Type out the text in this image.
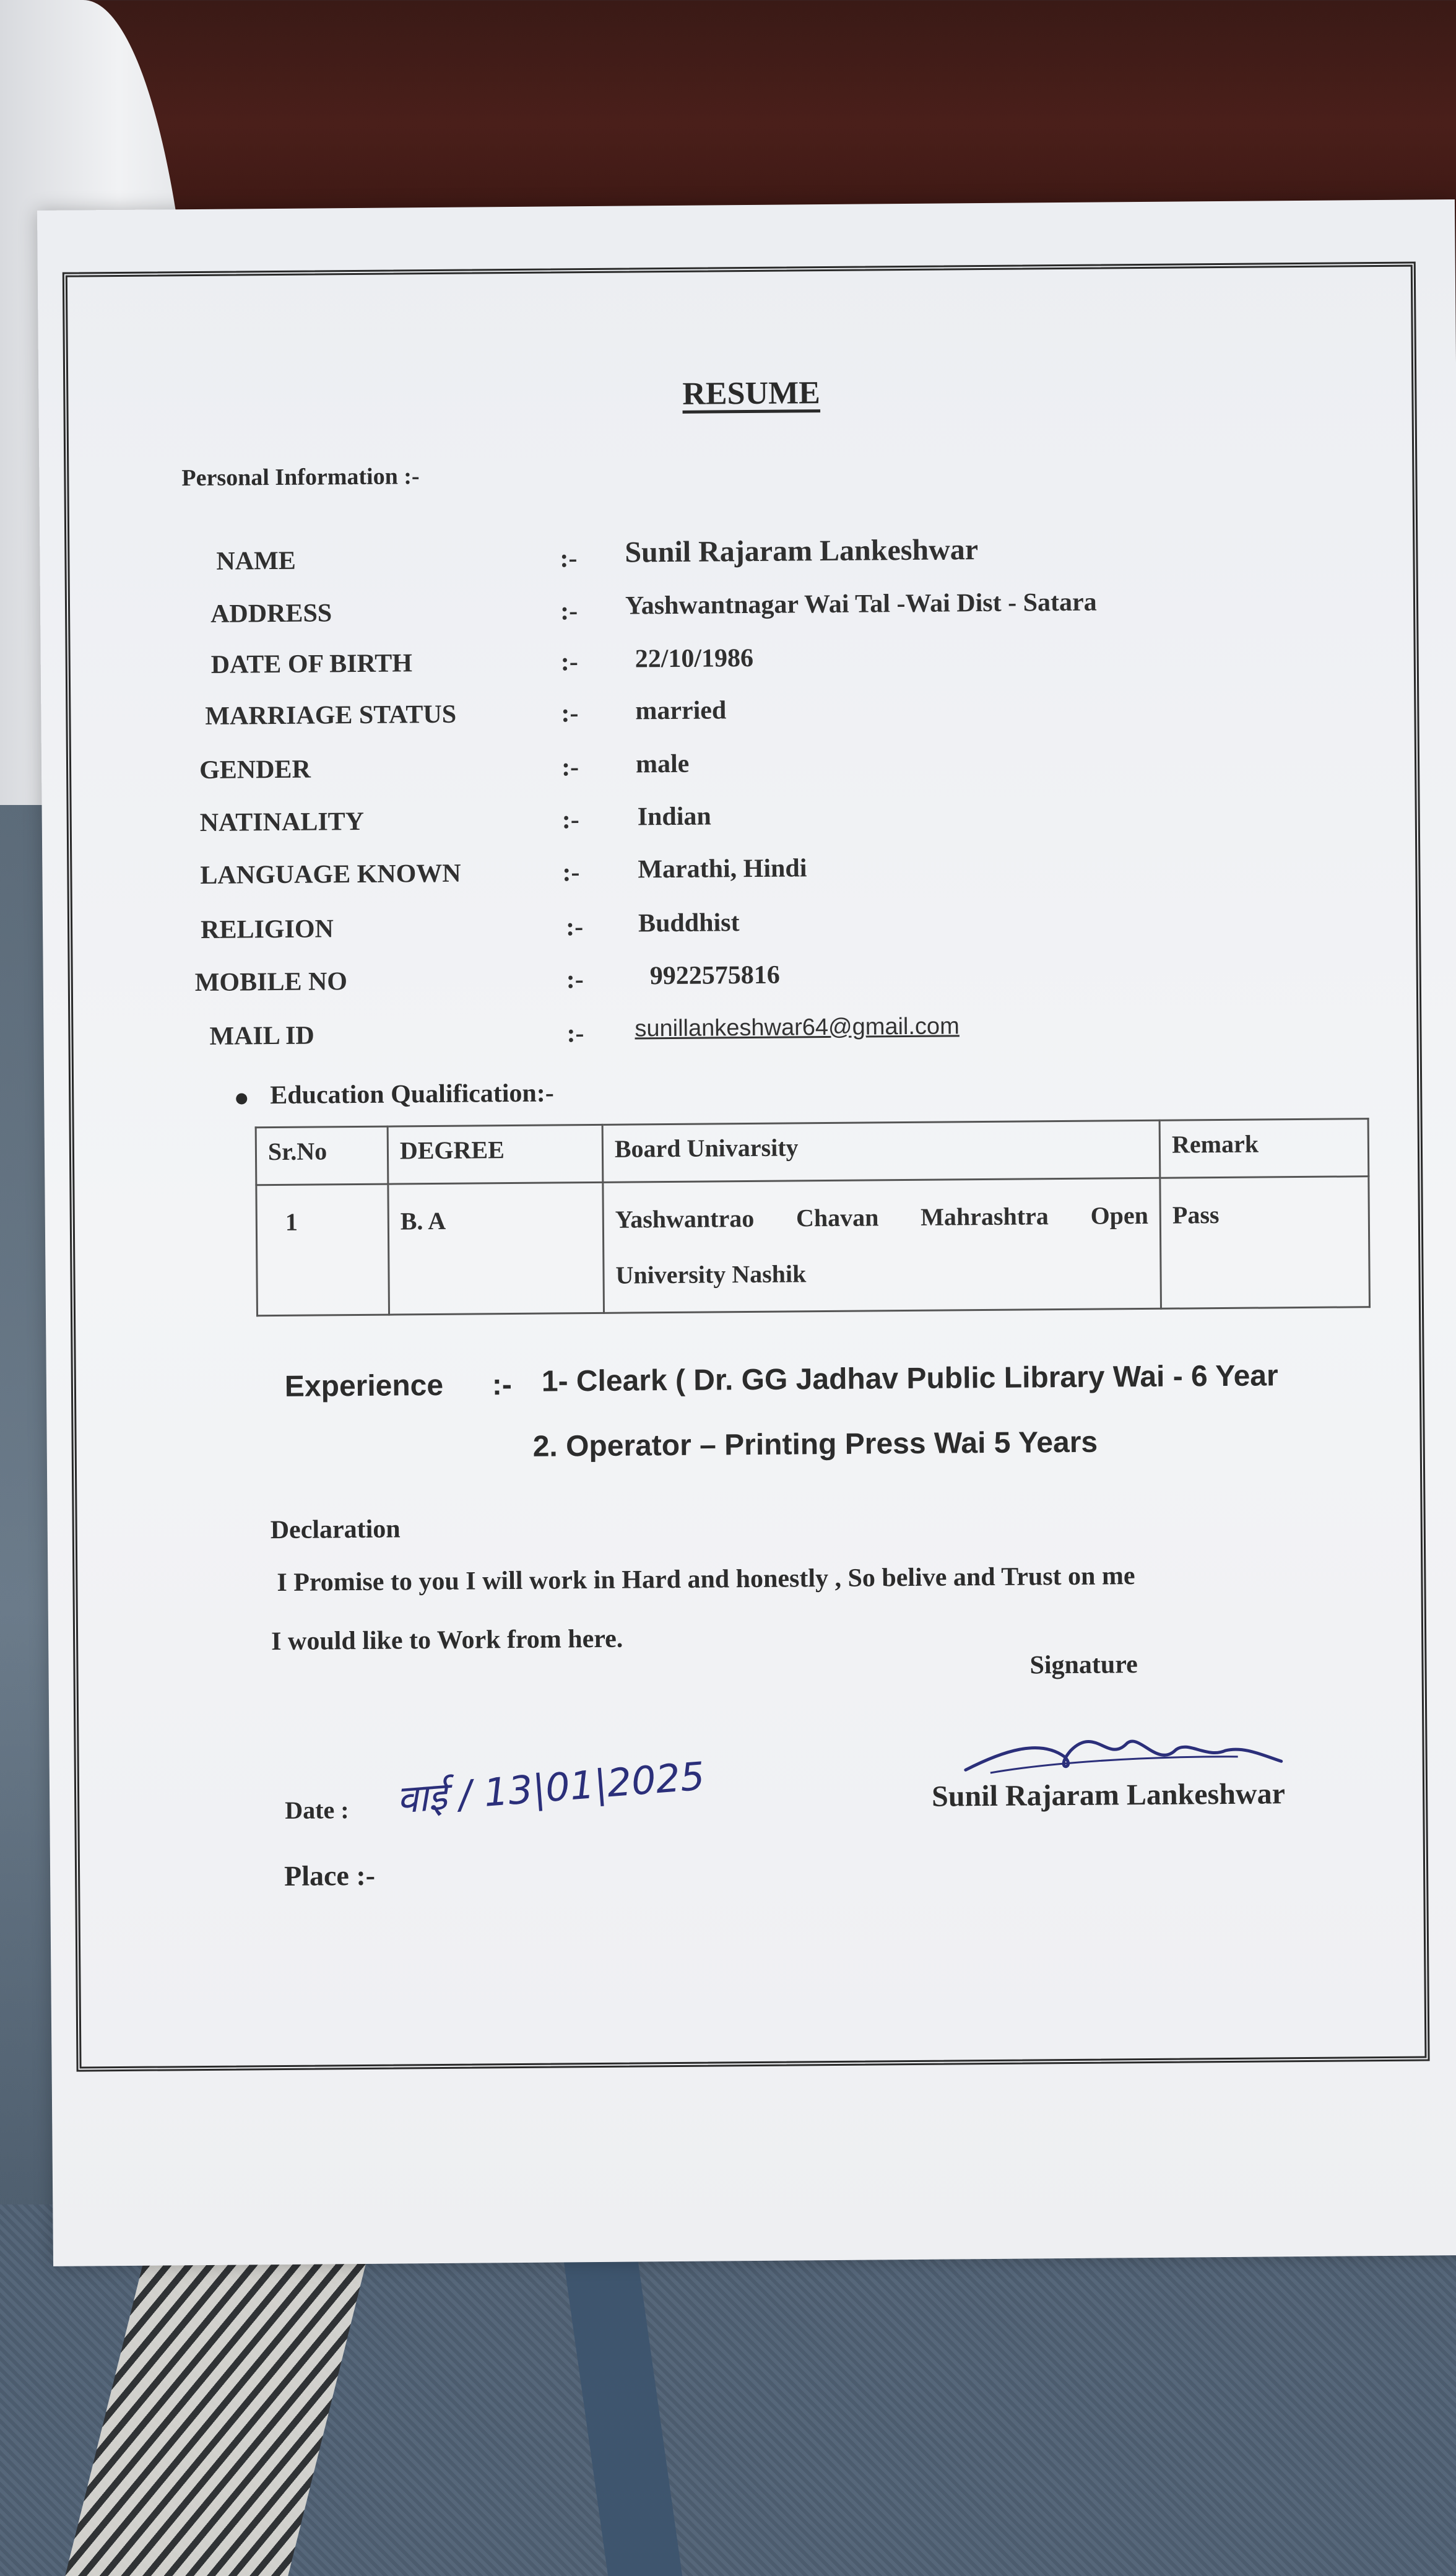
RESUME
Personal Information :-
NAME	:- Sunil Rajaram Lankeshwar
ADDRESS	:- Yashwantnagar Wai Tal -Wai Dist - Satara
DATE OF BIRTH	:- 22/10/1986
MARRIAGE STATUS	:- married
GENDER	:- male
NATINALITY	:- Indian
LANGUAGE KNOWN	:- Marathi, Hindi
RELIGION	:- Buddhist
MOBILE NO	:-	9922575816
MAIL ID	:- sunillankeshwar64@gmail.com
Education Qualification:-
Sr.No	DEGREE	Board Univarsity	Remark
1	B. A	Yashwantrao Chavan Mahrashtra Open University Nashik	Pass
Experience :- 1- Cleark ( Dr. GG Jadhav Public Library Wai - 6 Year
2. Operator – Printing Press Wai 5 Years
Declaration
I Promise to you I will work in Hard and honestly , So belive and Trust on me
I would like to Work from here.
Signature
Sunil Rajaram Lankeshwar
Date : वाई / 13|01|2025
Place :-
